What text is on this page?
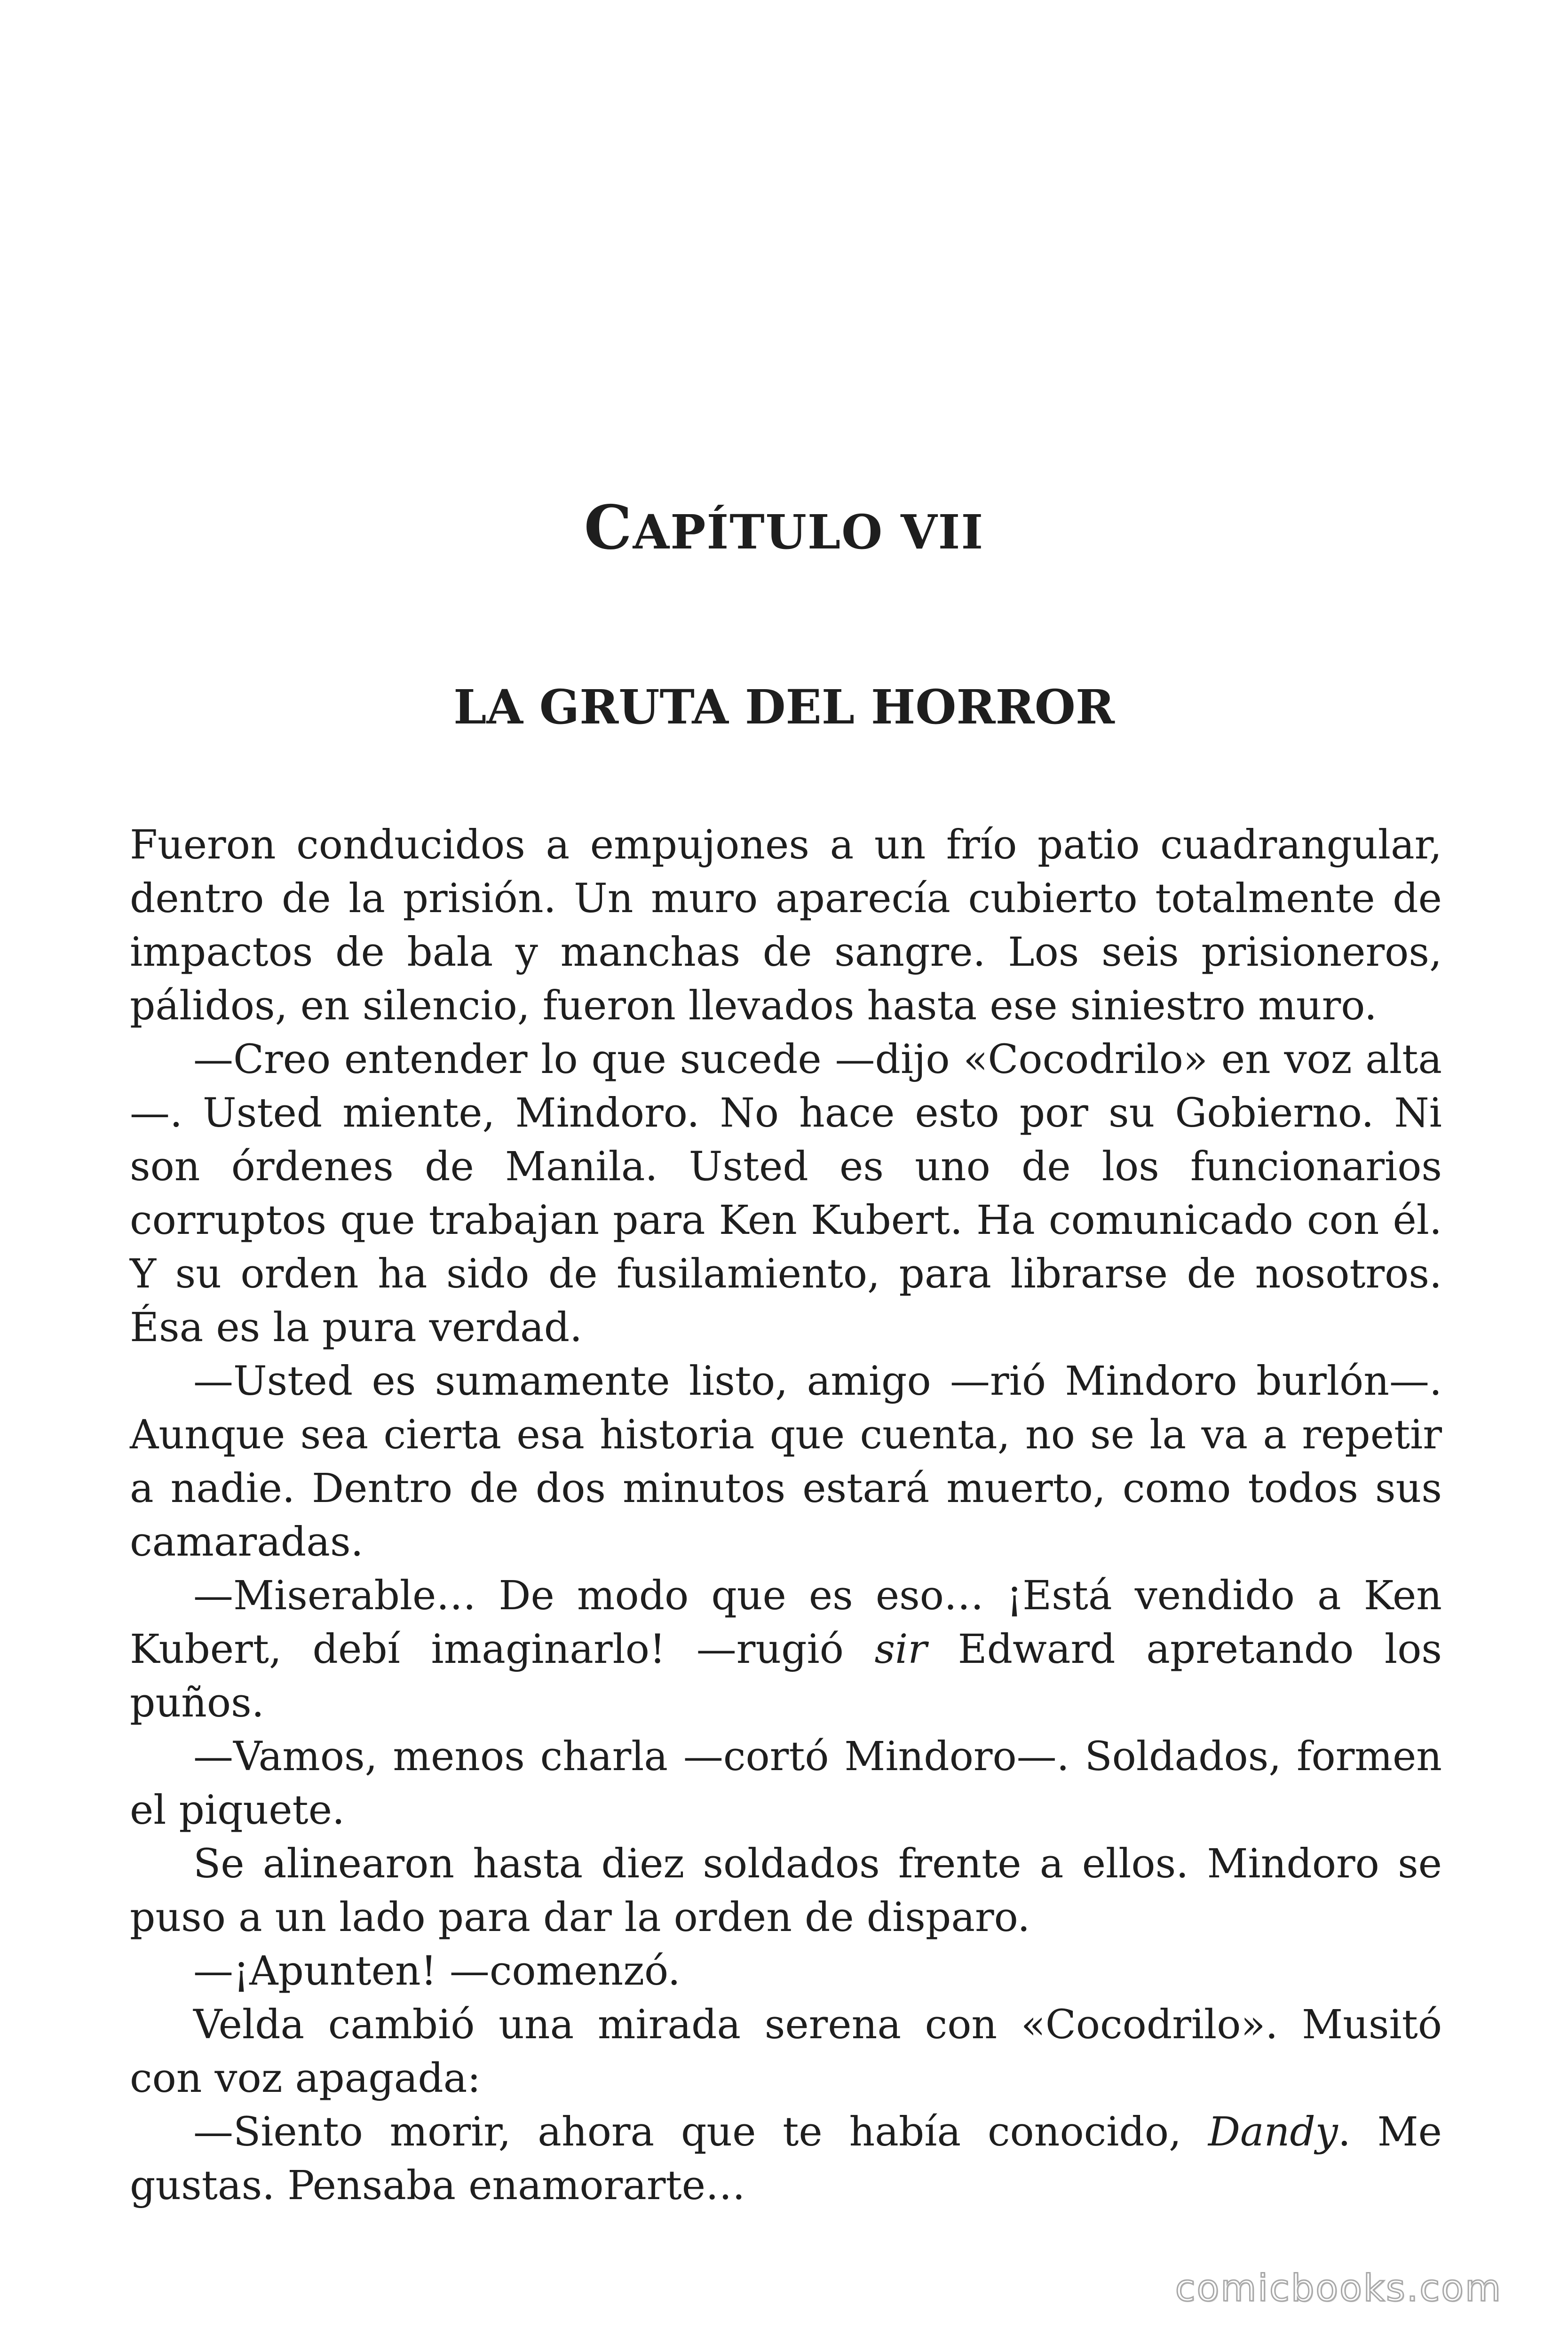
CAPÍTULO VII
LA GRUTA DEL HORROR

Fueron conducidos a empujones a un frío patio cuadrangular, dentro de la prisión. Un muro aparecía cubierto totalmente de impactos de bala y manchas de sangre. Los seis prisioneros, pálidos, en silencio, fueron llevados hasta ese siniestro muro.

—Creo entender lo que sucede —dijo «Cocodrilo» en voz alta—. Usted miente, Mindoro. No hace esto por su Gobierno. Ni son órdenes de Manila. Usted es uno de los funcionarios corruptos que trabajan para Ken Kubert. Ha comunicado con él. Y su orden ha sido de fusilamiento, para librarse de nosotros. Ésa es la pura verdad.

—Usted es sumamente listo, amigo —rió Mindoro burlón—. Aunque sea cierta esa historia que cuenta, no se la va a repetir a nadie. Dentro de dos minutos estará muerto, como todos sus camaradas.

—Miserable… De modo que es eso… ¡Está vendido a Ken Kubert, debí imaginarlo! —rugió sir Edward apretando los puños.

—Vamos, menos charla —cortó Mindoro—. Soldados, formen el piquete.

Se alinearon hasta diez soldados frente a ellos. Mindoro se puso a un lado para dar la orden de disparo.

—¡Apunten! —comenzó.

Velda cambió una mirada serena con «Cocodrilo». Musitó con voz apagada:

—Siento morir, ahora que te había conocido, Dandy. Me gustas. Pensaba enamorarte…

comicbooks.com
